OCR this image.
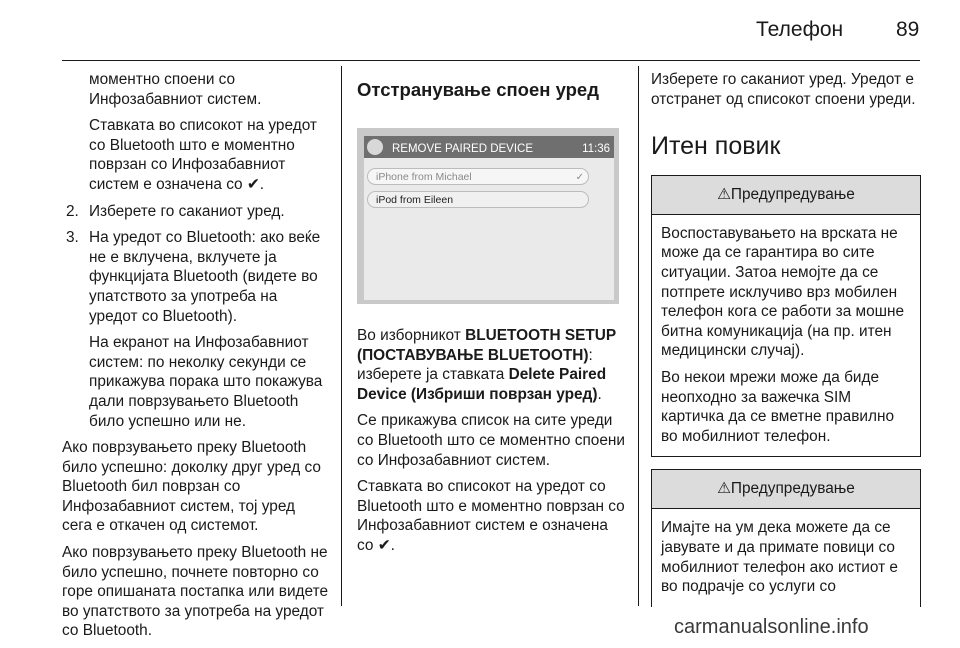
Телефон	89

моментно споени со Инфозабавниот систем.

Ставката во списокот на уредот со Bluetooth што е моментно поврзан со Инфозабавниот систем е означена со ✔.

2. Изберете го саканиот уред.

3. На уредот со Bluetooth: ако веќе не е вклучена, вклучете ја функцијата Bluetooth (видете во упатството за употреба на уредот со Bluetooth).

На екранот на Инфозабавниот систем: по неколку секунди се прикажува порака што покажува дали поврзувањето Bluetooth било успешно или не.

Ако поврзувањето преку Bluetooth било успешно: доколку друг уред со Bluetooth бил поврзан со Инфозабавниот систем, тој уред сега е откачен од системот.

Ако поврзувањето преку Bluetooth не било успешно, почнете повторно со горе опишаната постапка или видете во упатството за употреба на уредот со Bluetooth.

Отстранување споен уред
REMOVE PAIRED DEVICE	11:36
iPhone from Michael	✓
iPod from Eileen

Во изборникот BLUETOOTH SETUP (ПОСТАВУВАЊЕ BLUETOOTH): изберете ја ставката Delete Paired Device (Избриши поврзан уред).

Се прикажува список на сите уреди со Bluetooth што се моментно споени со Инфозабавниот систем.

Ставката во списокот на уредот со Bluetooth што е моментно поврзан со Инфозабавниот систем е означена со ✔.

Изберете го саканиот уред. Уредот е отстранет од списокот споени уреди.

Итен повик
⚠Предупредување

Воспоставувањето на врската не може да се гарантира во сите ситуации. Затоа немојте да се потпрете исклучиво врз мобилен телефон кога се работи за мошне битна комуникација (на пр. итен медицински случај).

Во некои мрежи може да биде неопходно за важечка SIM картичка да се вметне правилно во мобилниот телефон.

⚠Предупредување

Имајте на ум дека можете да се јавувате и да примате повици со мобилниот телефон ако истиот е во подрачје со услуги со

carmanualsonline.info
